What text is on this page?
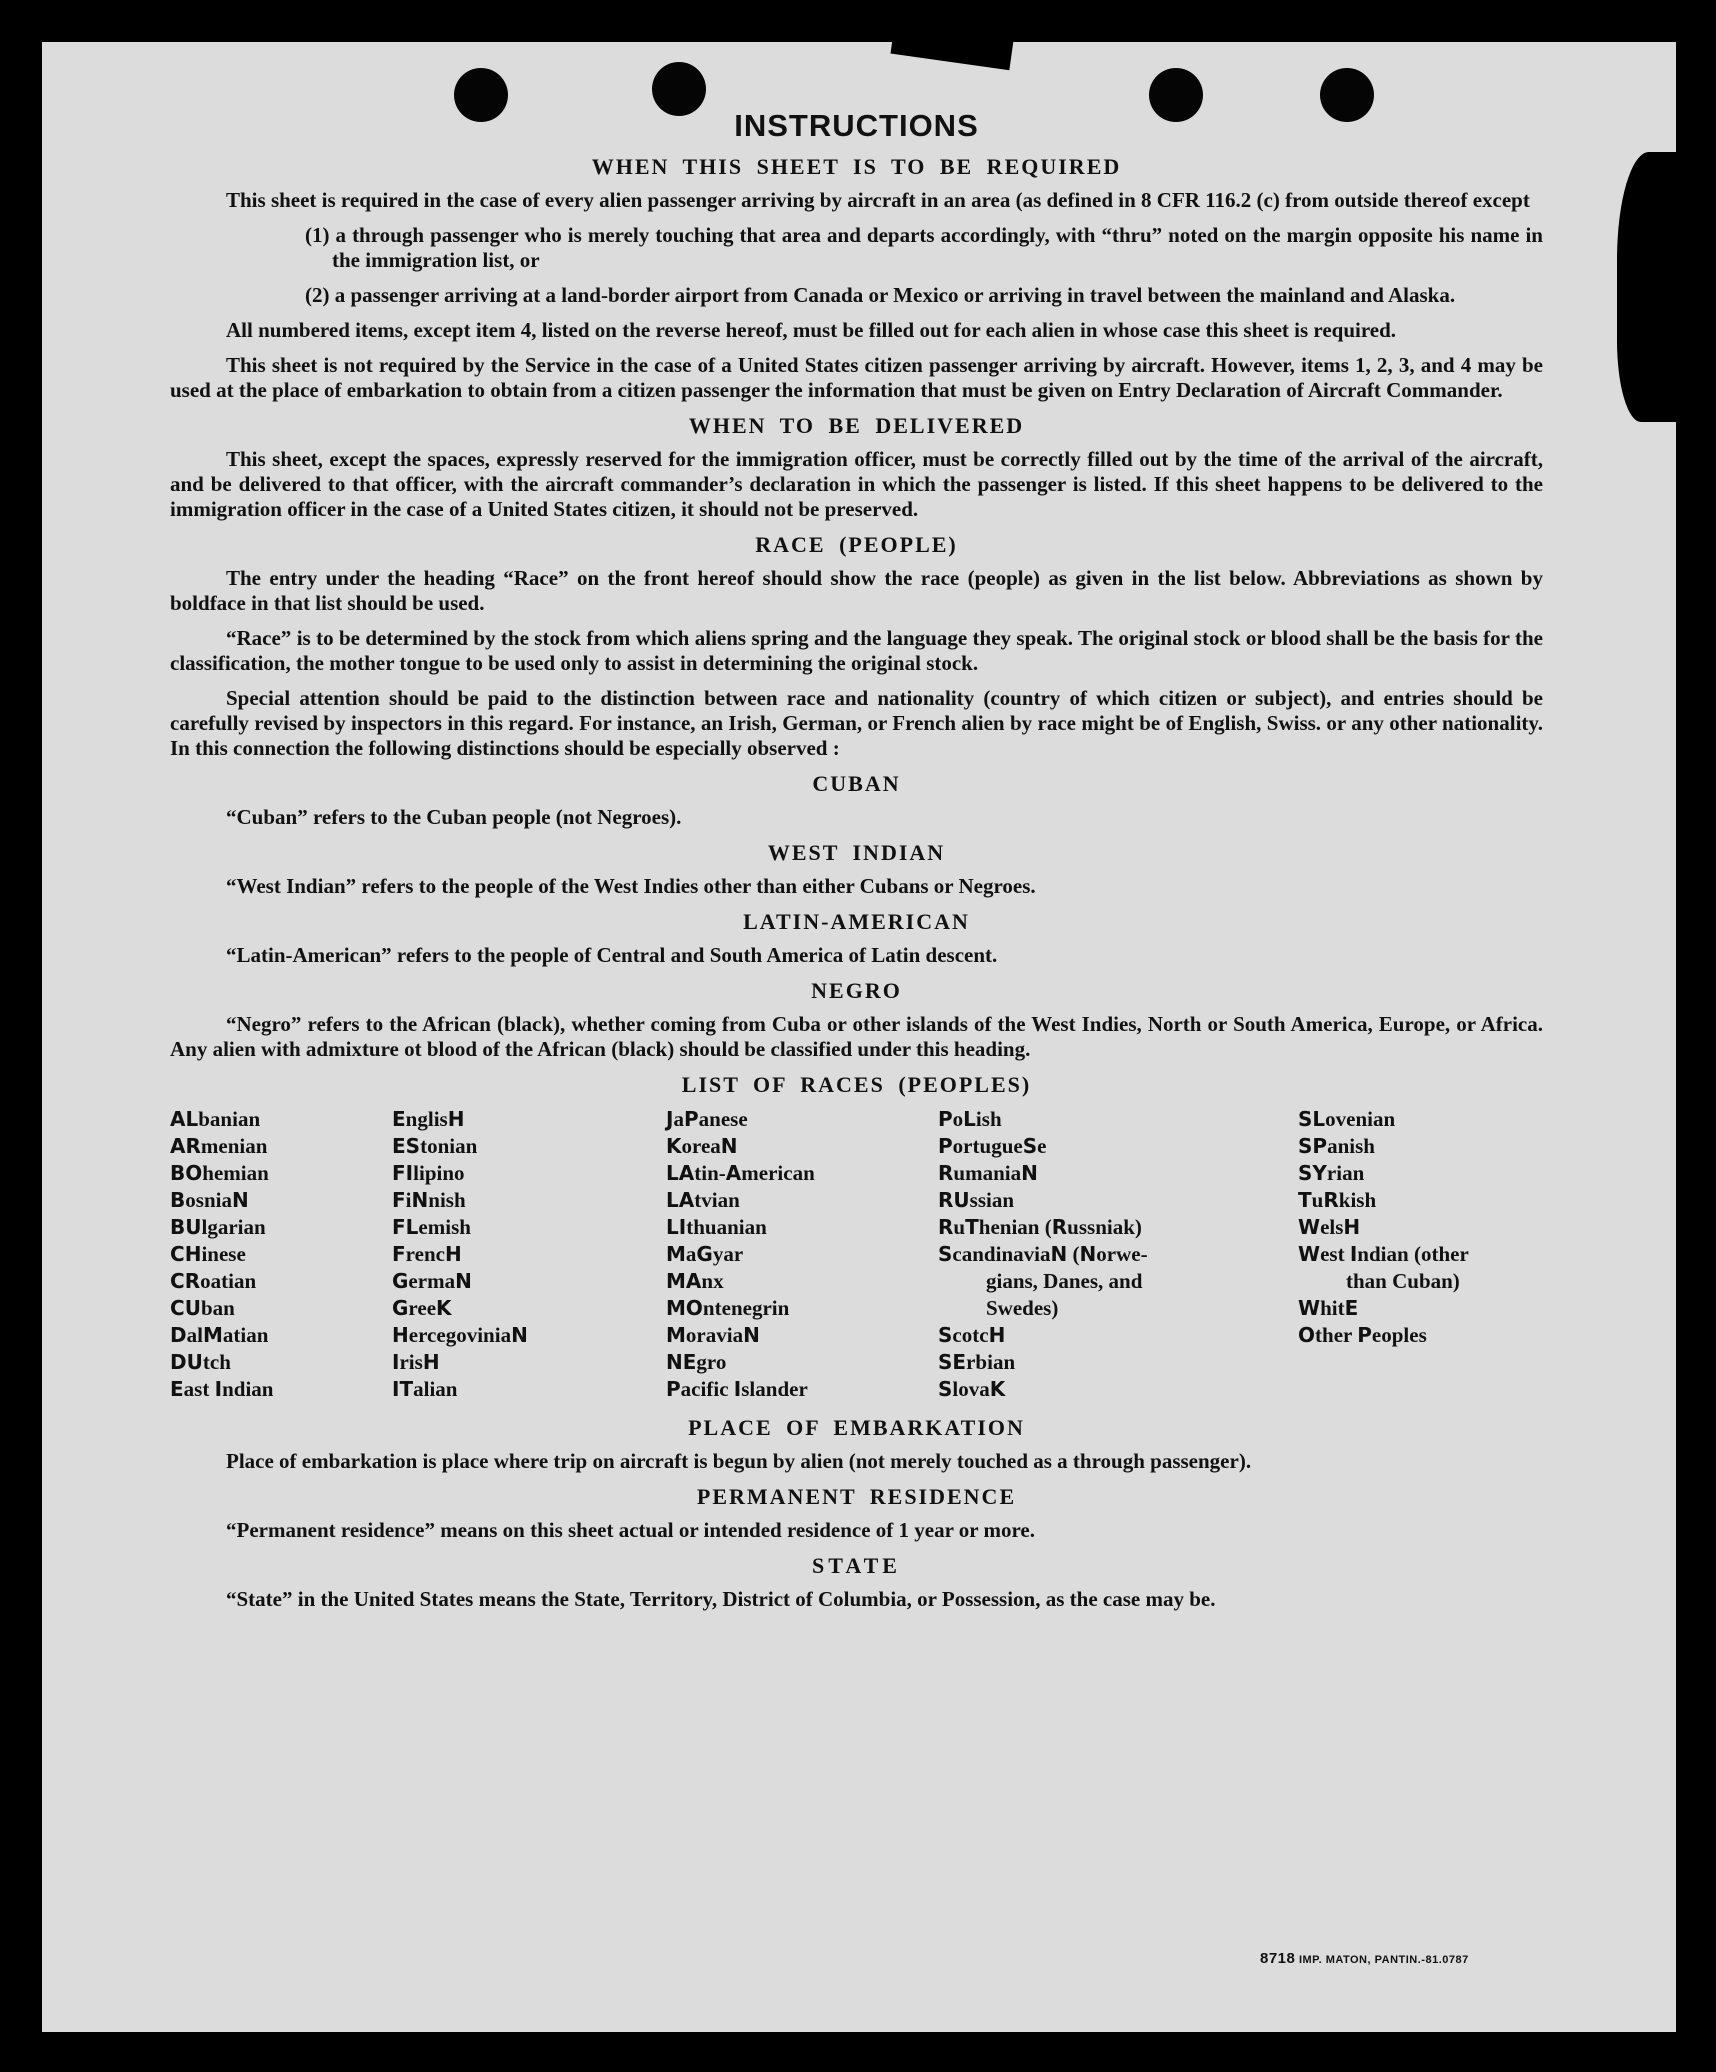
INSTRUCTIONS
WHEN THIS SHEET IS TO BE REQUIRED

This sheet is required in the case of every alien passenger arriving by aircraft in an area (as defined in 8 CFR 116.2 (c) from outside thereof except

(1) a through passenger who is merely touching that area and departs accordingly, with “thru” noted on the margin opposite his name in the immigration list, or

(2) a passenger arriving at a land-border airport from Canada or Mexico or arriving in travel between the mainland and Alaska.

All numbered items, except item 4, listed on the reverse hereof, must be filled out for each alien in whose case this sheet is required.

This sheet is not required by the Service in the case of a United States citizen passenger arriving by aircraft. However, items 1, 2, 3, and 4 may be used at the place of embarkation to obtain from a citizen passenger the information that must be given on Entry Declaration of Aircraft Commander.

WHEN TO BE DELIVERED

This sheet, except the spaces, expressly reserved for the immigration officer, must be correctly filled out by the time of the arrival of the aircraft, and be delivered to that officer, with the aircraft commander’s declaration in which the passenger is listed. If this sheet happens to be delivered to the immigration officer in the case of a United States citizen, it should not be preserved.

RACE (PEOPLE)

The entry under the heading “Race” on the front hereof should show the race (people) as given in the list below. Abbreviations as shown by boldface in that list should be used.

“Race” is to be determined by the stock from which aliens spring and the language they speak. The original stock or blood shall be the basis for the classification, the mother tongue to be used only to assist in determining the original stock.

Special attention should be paid to the distinction between race and nationality (country of which citizen or subject), and entries should be carefully revised by inspectors in this regard. For instance, an Irish, German, or French alien by race might be of English, Swiss. or any other nationality. In this connection the following distinctions should be especially observed :

CUBAN

“Cuban” refers to the Cuban people (not Negroes).

WEST INDIAN

“West Indian” refers to the people of the West Indies other than either Cubans or Negroes.

LATIN-AMERICAN

“Latin-American” refers to the people of Central and South America of Latin descent.

NEGRO

“Negro” refers to the African (black), whether coming from Cuba or other islands of the West Indies, North or South America, Europe, or Africa. Any alien with admixture ot blood of the African (black) should be classified under this heading.

LIST OF RACES (PEOPLES)
ALbanian
ARmenian
BOhemian
BosniaN
BUlgarian
CHinese
CRoatian
CUban
DalMatian
DUtch
East Indian
EnglisH
EStonian
FIlipino
FiNnish
FLemish
FrencH
GermaN
GreeK
HercegoviniaN
IrisH
ITalian
JaPanese
KoreaN
LAtin-American
LAtvian
LIthuanian
MaGyar
MAnx
MOntenegrin
MoraviaN
NEgro
Pacific Islander
PoLish
PortugueSe
RumaniaN
RUssian
RuThenian (Russniak)
ScandinaviaN (Norwe-
gians, Danes, and
Swedes)
ScotcH
SErbian
SlovaK
SLovenian
SPanish
SYrian
TuRkish
WelsH
West Indian (other
than Cuban)
WhitE
Other Peoples
PLACE OF EMBARKATION

Place of embarkation is place where trip on aircraft is begun by alien (not merely touched as a through passenger).

PERMANENT RESIDENCE

“Permanent residence” means on this sheet actual or intended residence of 1 year or more.

STATE

“State” in the United States means the State, Territory, District of Columbia, or Possession, as the case may be.

8718 IMP. MATON, PANTIN.-81.0787
